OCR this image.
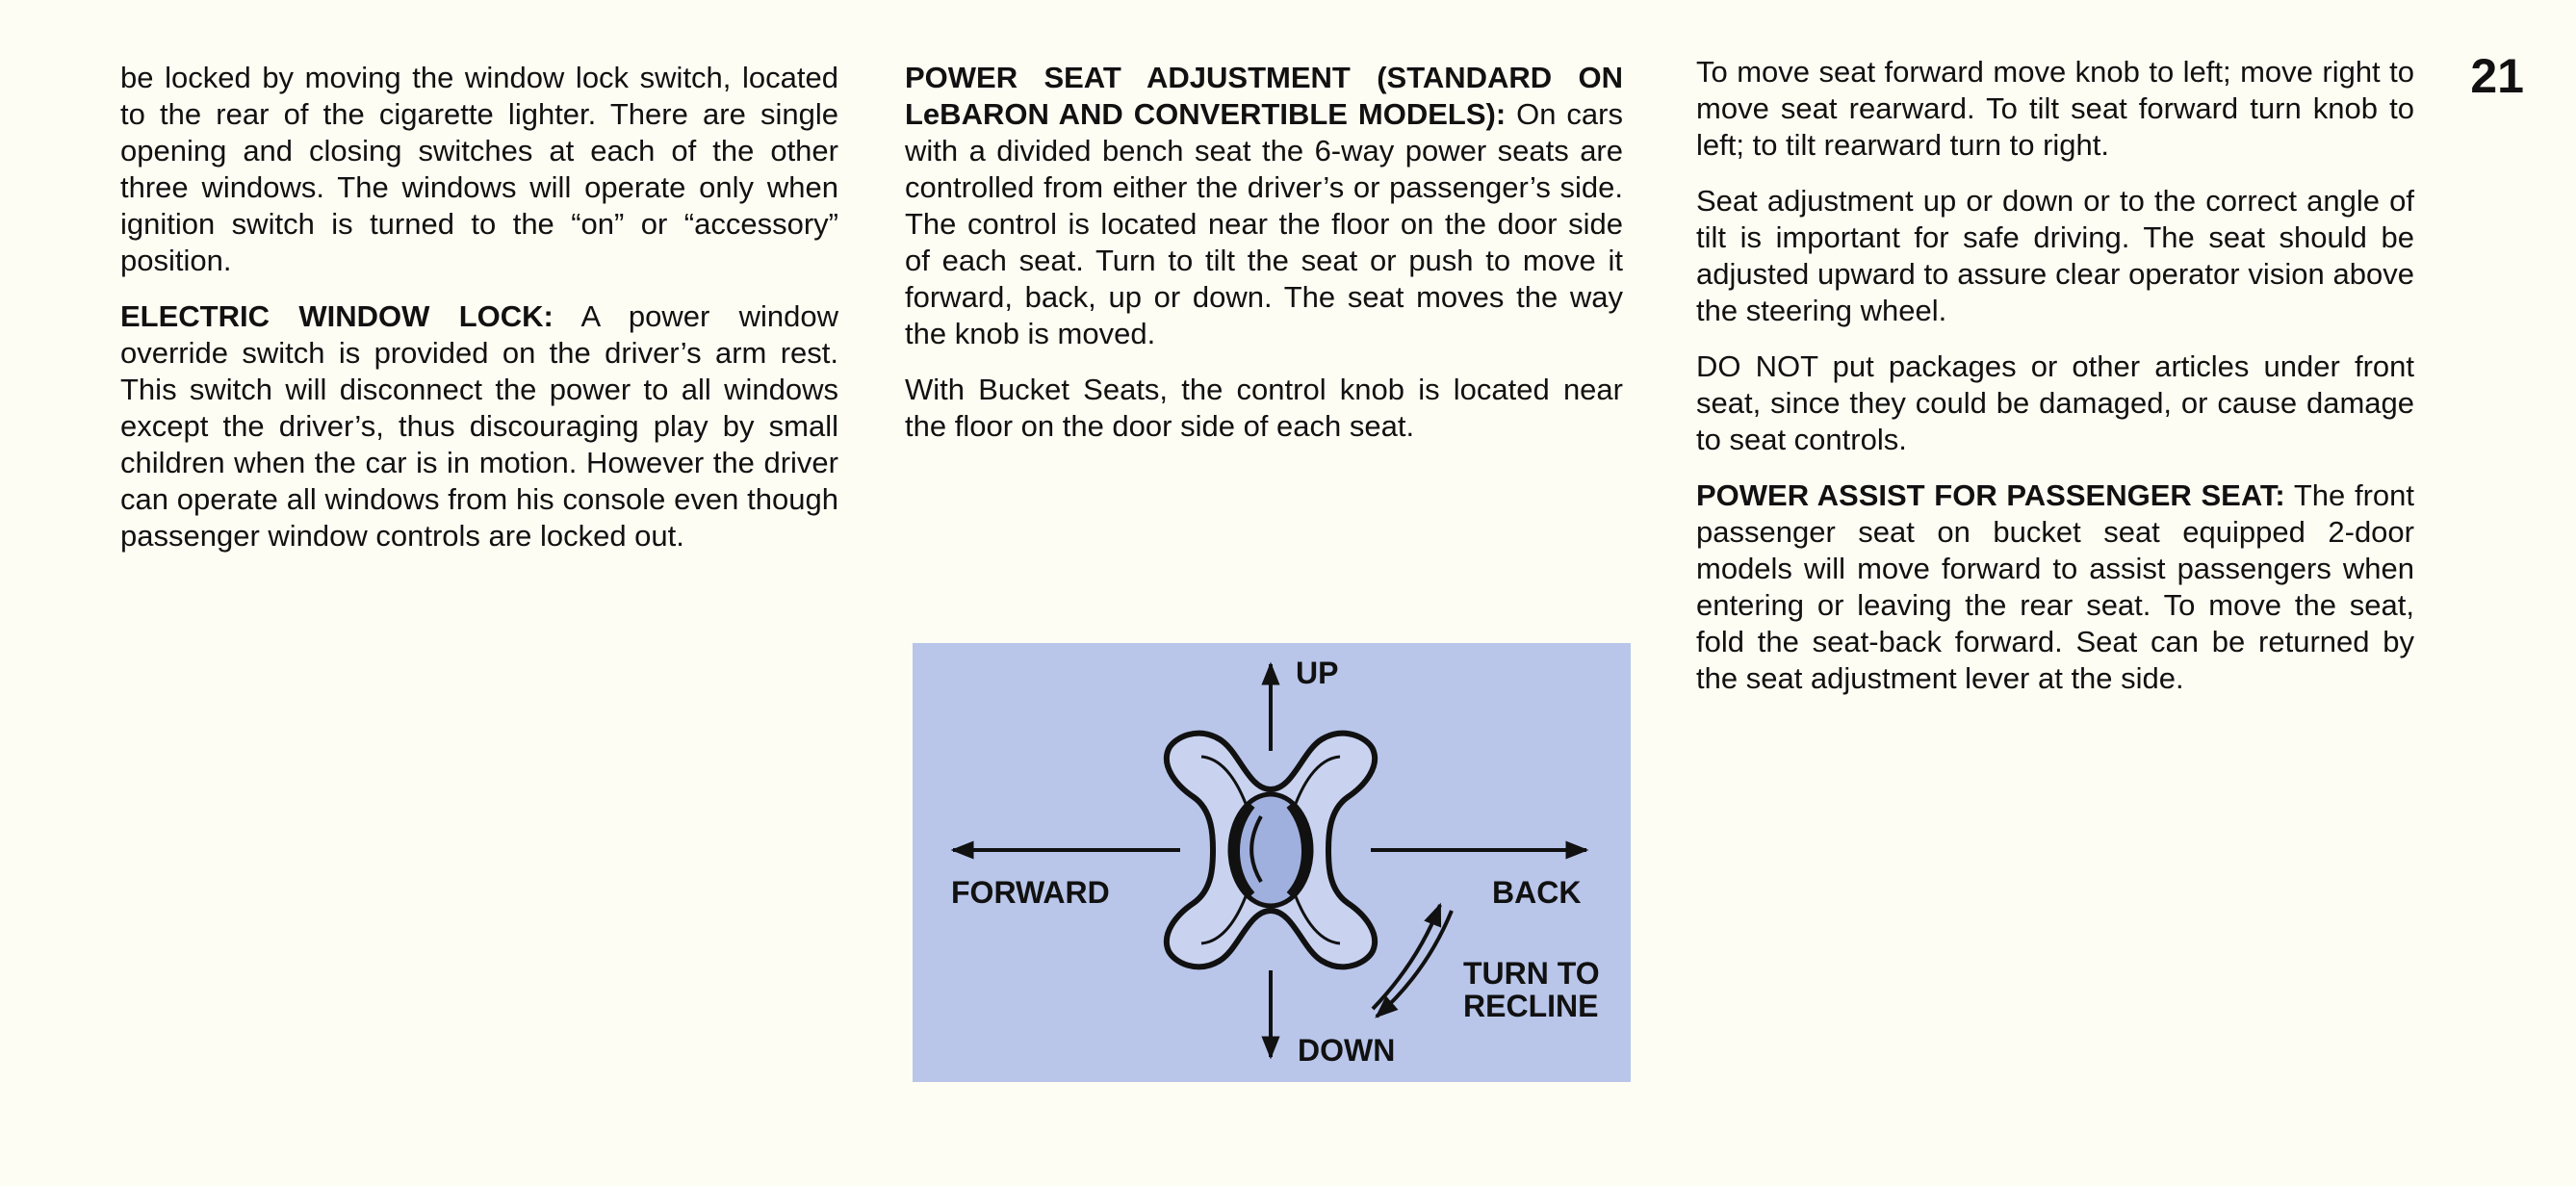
21

be locked by moving the window lock switch, located to the rear of the cigarette lighter. There are single opening and closing switches at each of the other three windows. The windows will operate only when ignition switch is turned to the “on” or “accessory” position.

ELECTRIC WINDOW LOCK: A power window override switch is provided on the driver’s arm rest. This switch will disconnect the power to all windows except the driver’s, thus discouraging play by small children when the car is in motion. However the driver can operate all windows from his console even though passenger window controls are locked out.

POWER SEAT ADJUSTMENT (STANDARD ON LeBARON AND CONVERTIBLE MODELS): On cars with a divided bench seat the 6-way power seats are controlled from either the driver’s or passenger’s side. The control is located near the floor on the door side of each seat. Turn to tilt the seat or push to move it forward, back, up or down. The seat moves the way the knob is moved.

With Bucket Seats, the control knob is located near the floor on the door side of each seat.

UP
FORWARD	BACK
TURN TO
RECLINE
DOWN

To move seat forward move knob to left; move right to move seat rearward. To tilt seat forward turn knob to left; to tilt rearward turn to right.

Seat adjustment up or down or to the correct angle of tilt is important for safe driving. The seat should be adjusted upward to assure clear operator vision above the steering wheel.

DO NOT put packages or other articles under front seat, since they could be damaged, or cause damage to seat controls.

POWER ASSIST FOR PASSENGER SEAT: The front passenger seat on bucket seat equipped 2-door models will move forward to assist passengers when entering or leaving the rear seat. To move the seat, fold the seat-back forward. Seat can be returned by the seat adjustment lever at the side.
